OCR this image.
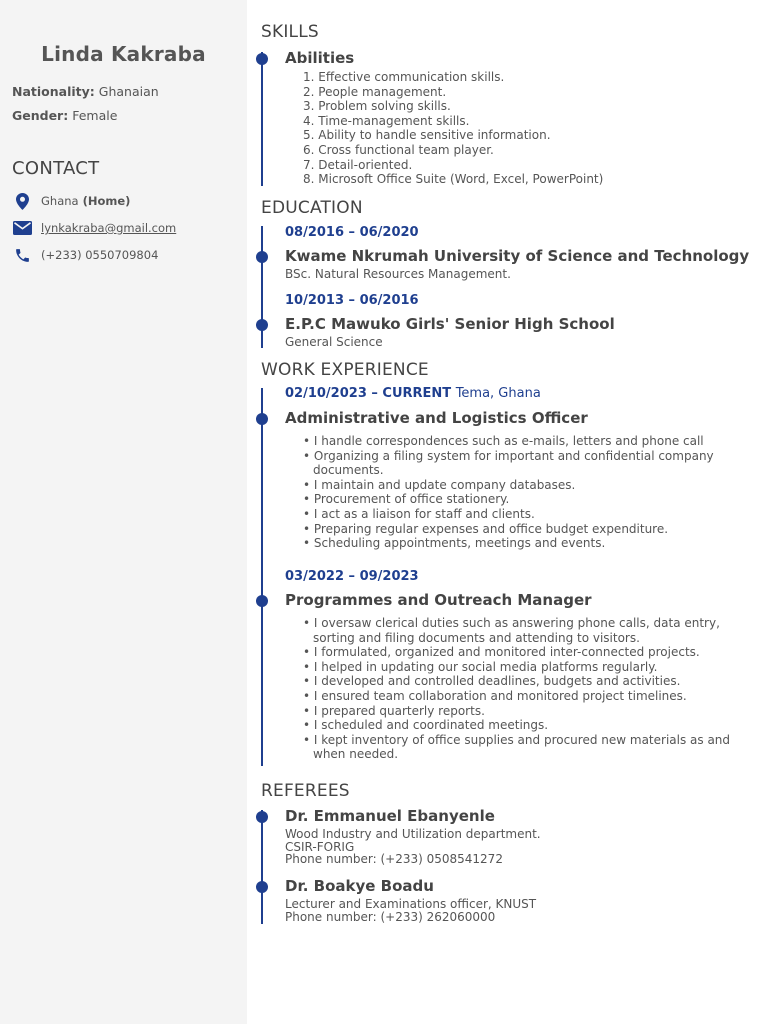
Linda Kakraba
Nationality: Ghanaian
Gender: Female
CONTACT
Ghana (Home)
lynkakraba@gmail.com
(+233) 0550709804
SKILLS
Abilities
1. Effective communication skills.
2. People management.
3. Problem solving skills.
4. Time-management skills.
5. Ability to handle sensitive information.
6. Cross functional team player.
7. Detail-oriented.
8. Microsoft Office Suite (Word, Excel, PowerPoint)
EDUCATION
08/2016 – 06/2020
Kwame Nkrumah University of Science and Technology
BSc. Natural Resources Management.
10/2013 – 06/2016
E.P.C Mawuko Girls' Senior High School
General Science
WORK EXPERIENCE
02/10/2023 – CURRENT Tema, Ghana
Administrative and Logistics Officer
• I handle correspondences such as e-mails, letters and phone call
• Organizing a filing system for important and confidential company documents.
• I maintain and update company databases.
• Procurement of office stationery.
• I act as a liaison for staff and clients.
• Preparing regular expenses and office budget expenditure.
• Scheduling appointments, meetings and events.
03/2022 – 09/2023
Programmes and Outreach Manager
• I oversaw clerical duties such as answering phone calls, data entry, sorting and filing documents and attending to visitors.
• I formulated, organized and monitored inter-connected projects.
• I helped in updating our social media platforms regularly.
• I developed and controlled deadlines, budgets and activities.
• I ensured team collaboration and monitored project timelines.
• I prepared quarterly reports.
• I scheduled and coordinated meetings.
• I kept inventory of office supplies and procured new materials as and when needed.
REFEREES
Dr. Emmanuel Ebanyenle
Wood Industry and Utilization department.
CSIR-FORIG
Phone number: (+233) 0508541272
Dr. Boakye Boadu
Lecturer and Examinations officer, KNUST
Phone number: (+233) 262060000
